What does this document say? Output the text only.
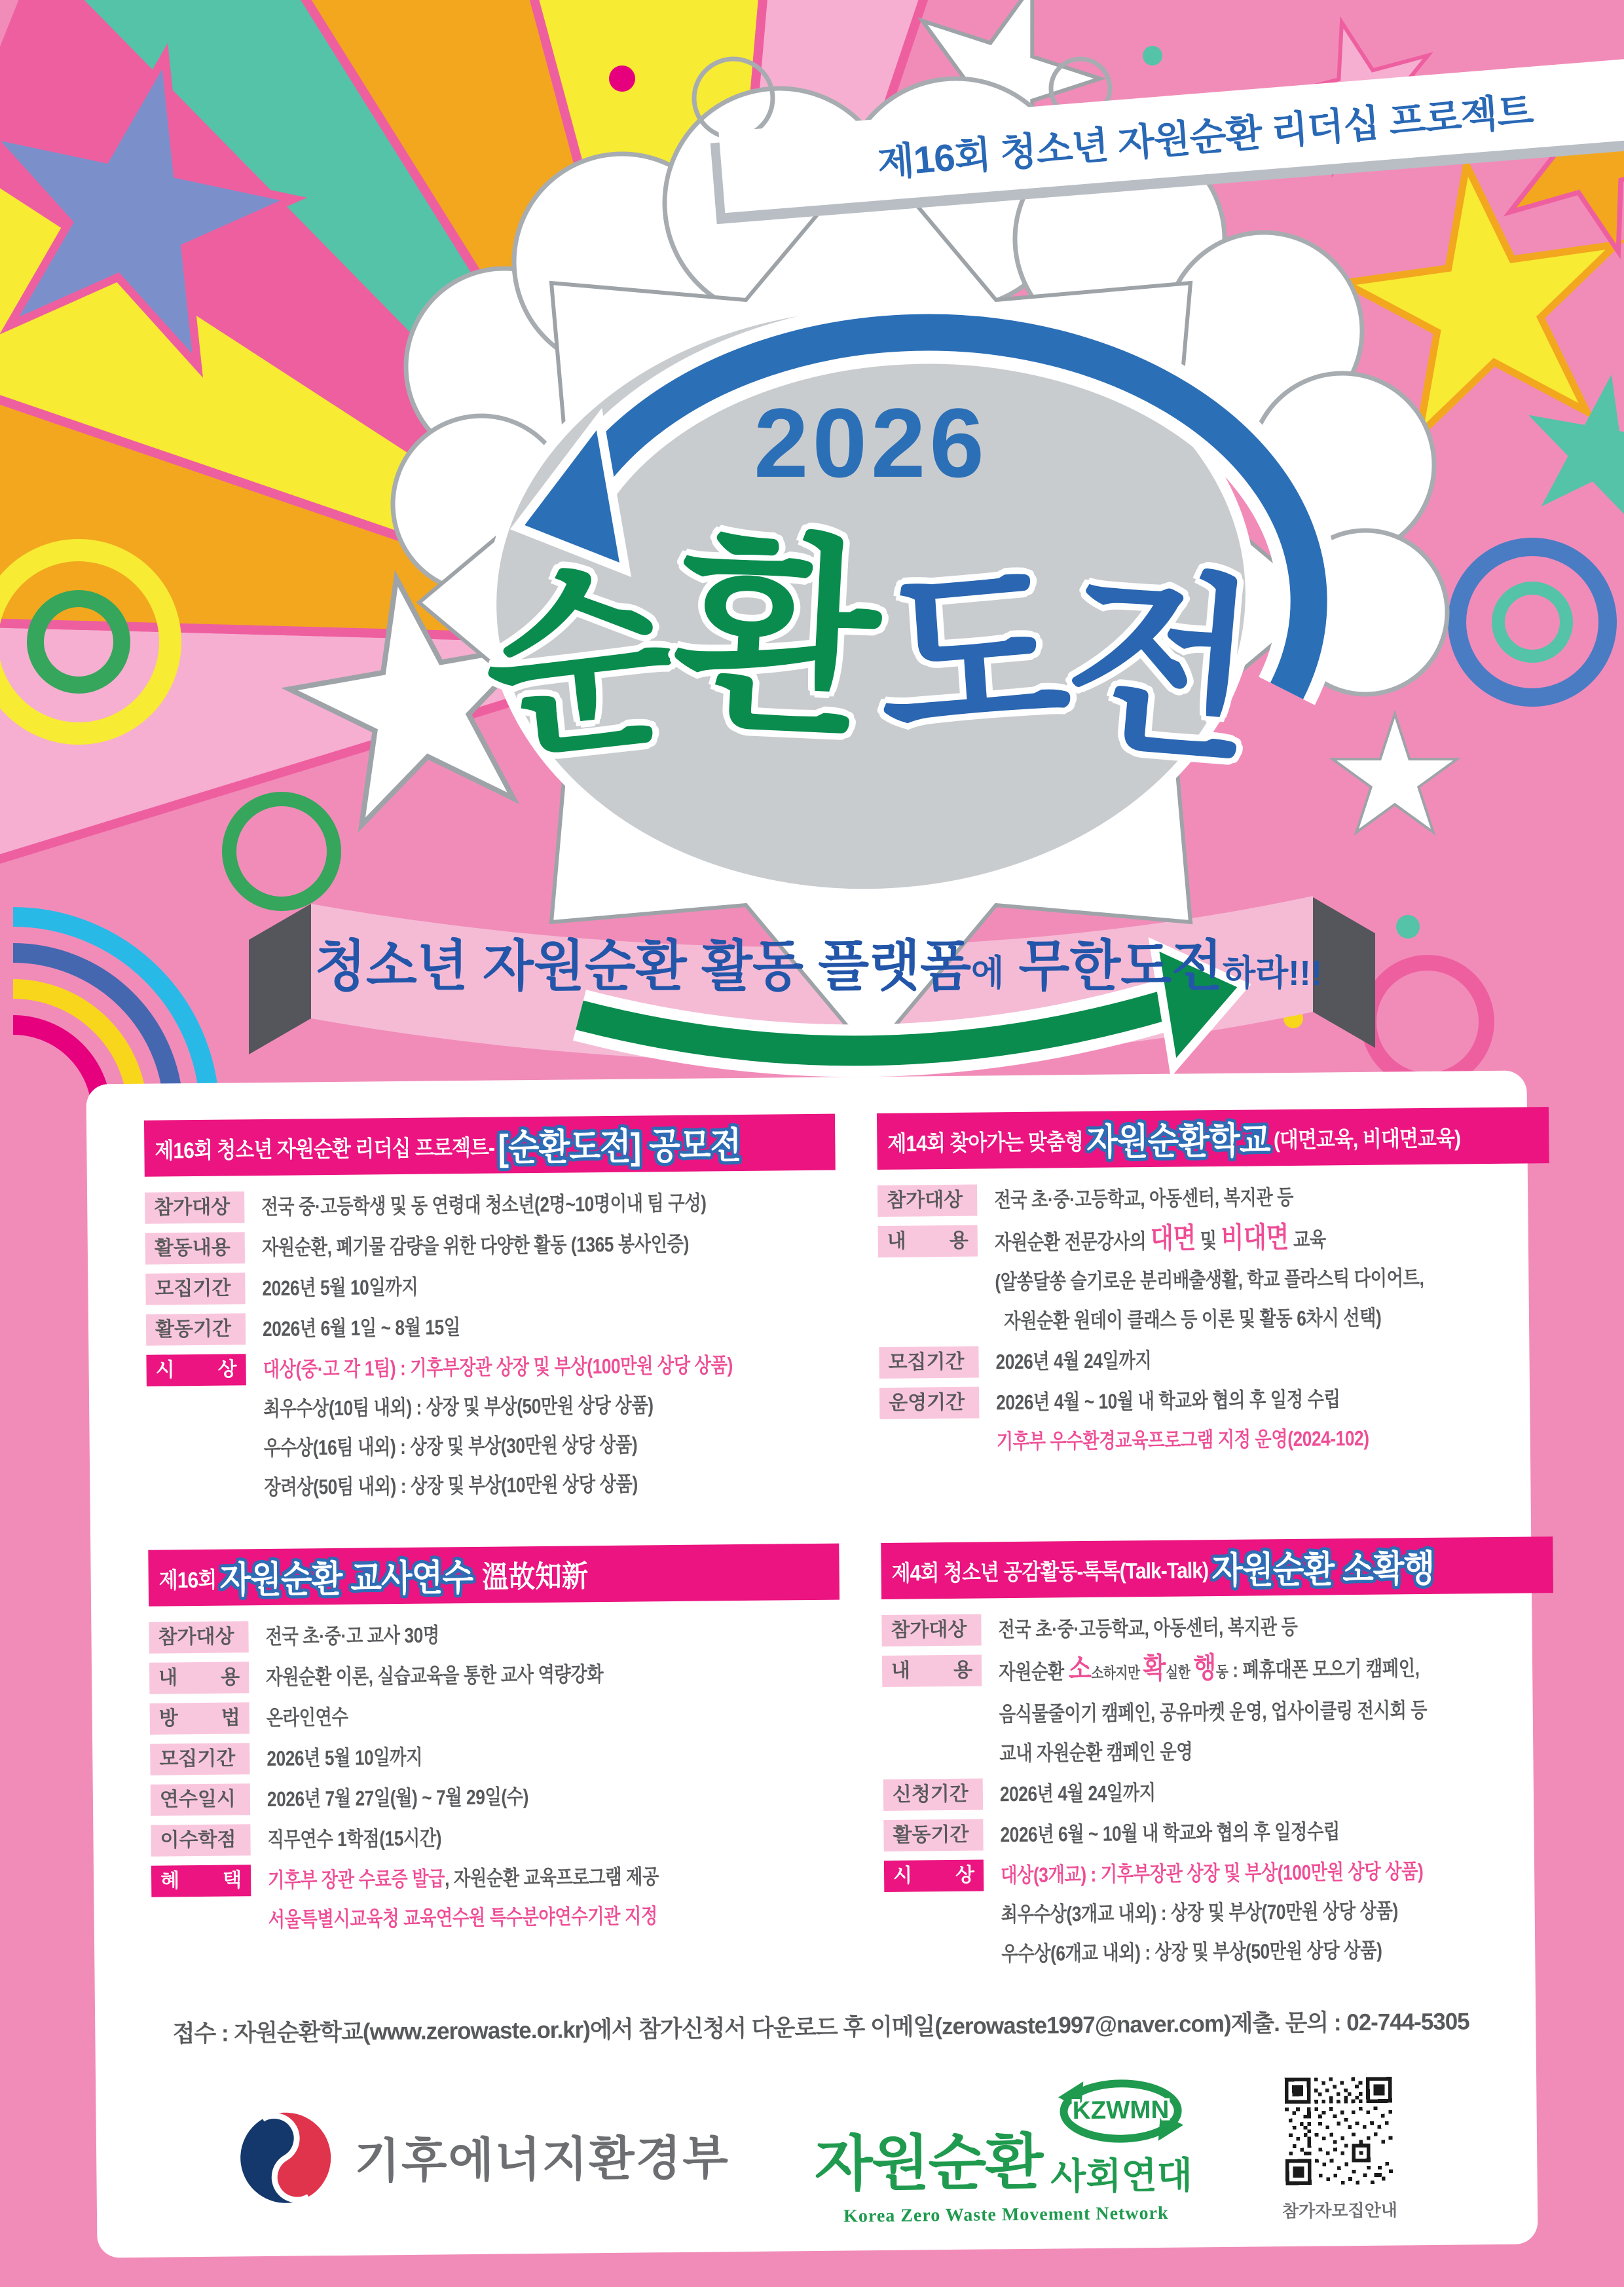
2026
순환도전
청소년 자원순환 활동 플랫폼에 무한도전하라!!!
제16회 청소년 자원순환 리더십 프로젝트
제16회 청소년 자원순환 리더십 프로젝트- [순환도전] 공모전
참가대상	전국 중·고등학생 및 동 연령대 청소년(2명~10명이내 팀 구성)

활동내용	자원순환, 폐기물 감량을 위한 다양한 활동 (1365 봉사인증)

모집기간	2026년 5월 10일까지

활동기간	2026년 6월 1일 ~ 8월 15일

시 상	대상(중·고 각 1팀) : 기후부장관 상장 및 부상(100만원 상당 상품)

최우수상(10팀 내외) : 상장 및 부상(50만원 상당 상품)

우수상(16팀 내외) : 상장 및 부상(30만원 상당 상품)

장려상(50팀 내외) : 상장 및 부상(10만원 상당 상품)

제14회 찾아가는 맞춤형 자원순환학교 (대면교육, 비대면교육)
참가대상	전국 초·중·고등학교, 아동센터, 복지관 등

내 용	자원순환 전문강사의 대면 및 비대면 교육

(알쏭달쏭 슬기로운 분리배출생활, 학교 플라스틱 다이어트,

자원순환 원데이 클래스 등 이론 및 활동 6차시 선택)

모집기간	2026년 4월 24일까지

운영기간	2026년 4월 ~ 10월 내 학교와 협의 후 일정 수립

기후부 우수환경교육프로그램 지정 운영(2024-102)

제16회 자원순환 교사연수 溫故知新
참가대상	전국 초·중·고 교사 30명

내 용	자원순환 이론, 실습교육을 통한 교사 역량강화

방 법	온라인연수

모집기간	2026년 5월 10일까지

연수일시	2026년 7월 27일(월) ~ 7월 29일(수)

이수학점	직무연수 1학점(15시간)

혜 택	기후부 장관 수료증 발급, 자원순환 교육프로그램 제공

서울특별시교육청 교육연수원 특수분야연수기관 지정

제4회 청소년 공감활동-톡톡(Talk-Talk) 자원순환 소확행
참가대상	전국 초·중·고등학교, 아동센터, 복지관 등

내 용	자원순환 소소하지만 확실한 행동 : 폐휴대폰 모으기 캠페인,

음식물줄이기 캠페인, 공유마켓 운영, 업사이클링 전시회 등

교내 자원순환 캠페인 운영

신청기간	2026년 4월 24일까지

활동기간	2026년 6월 ~ 10월 내 학교와 협의 후 일정수립

시 상	대상(3개교) : 기후부장관 상장 및 부상(100만원 상당 상품)

최우수상(3개교 내외) : 상장 및 부상(70만원 상당 상품)

우수상(6개교 내외) : 상장 및 부상(50만원 상당 상품)

접수 : 자원순환학교(www.zerowaste.or.kr)에서 참가신청서 다운로드 후 이메일(zerowaste1997@naver.com)제출. 문의 : 02-744-5305
기후에너지환경부 자원순환
KZWMN
사회연대
Korea Zero Waste Movement Network	참가자모집안내
